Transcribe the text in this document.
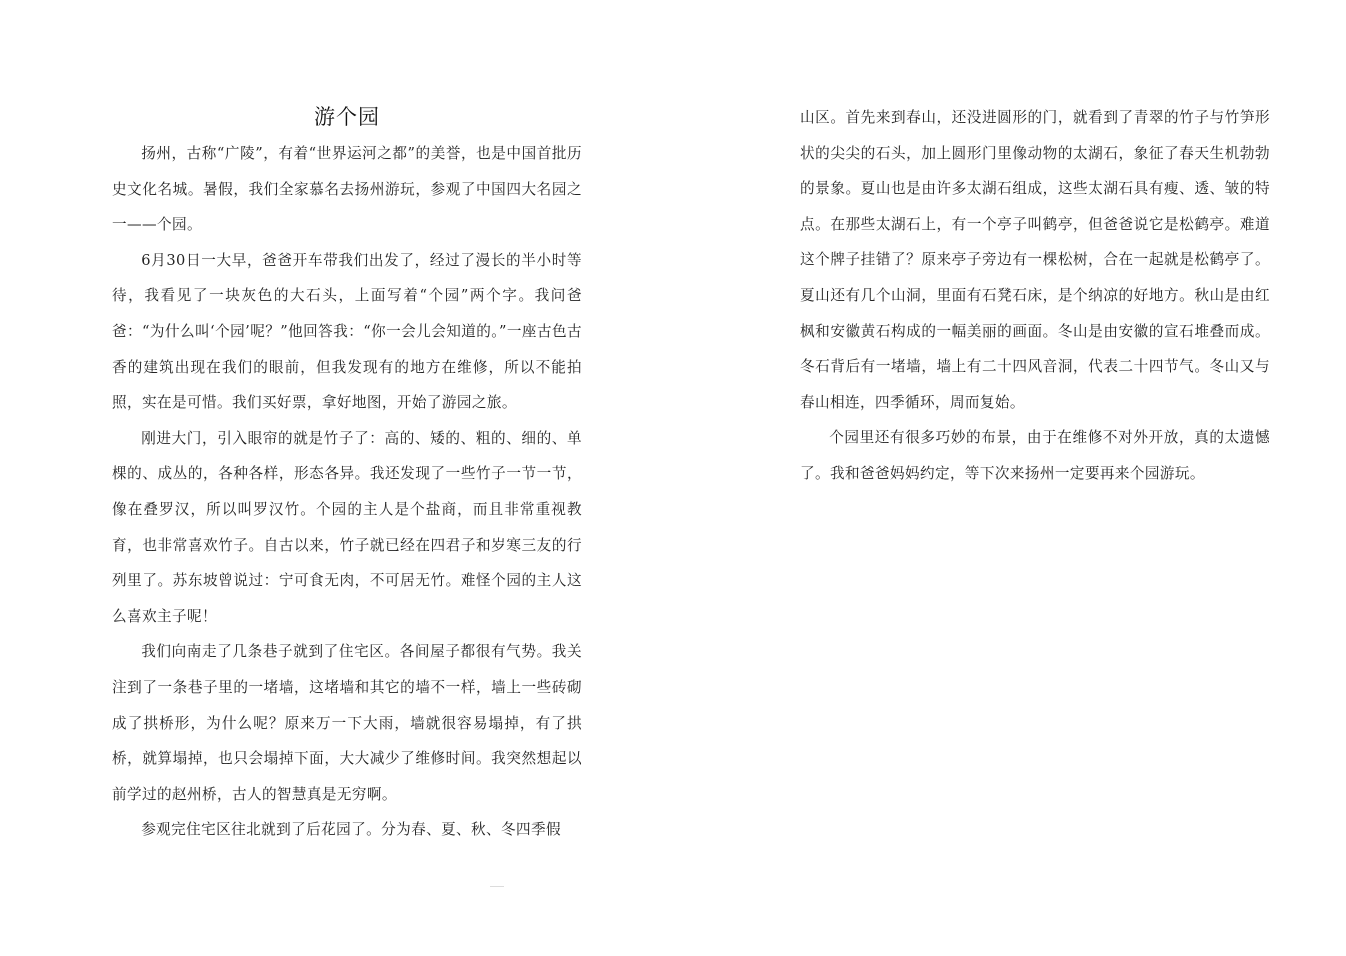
游个园

扬州，古称“广陵”，有着“世界运河之都”的美誉，也是中国首批历史文化名城。暑假，我们全家慕名去扬州游玩，参观了中国四大名园之一——个园。

6月30日一大早，爸爸开车带我们出发了，经过了漫长的半小时等待，我看见了一块灰色的大石头，上面写着“个园”两个字。我问爸爸：“为什么叫‘个园’呢？”他回答我：“你一会儿会知道的。”一座古色古香的建筑出现在我们的眼前，但我发现有的地方在维修，所以不能拍照，实在是可惜。我们买好票，拿好地图，开始了游园之旅。

刚进大门，引入眼帘的就是竹子了：高的、矮的、粗的、细的、单棵的、成丛的，各种各样，形态各异。我还发现了一些竹子一节一节，像在叠罗汉，所以叫罗汉竹。个园的主人是个盐商，而且非常重视教育，也非常喜欢竹子。自古以来，竹子就已经在四君子和岁寒三友的行列里了。苏东坡曾说过：宁可食无肉，不可居无竹。难怪个园的主人这么喜欢主子呢！

我们向南走了几条巷子就到了住宅区。各间屋子都很有气势。我关注到了一条巷子里的一堵墙，这堵墙和其它的墙不一样，墙上一些砖砌成了拱桥形，为什么呢？原来万一下大雨，墙就很容易塌掉，有了拱桥，就算塌掉，也只会塌掉下面，大大减少了维修时间。我突然想起以前学过的赵州桥，古人的智慧真是无穷啊。

参观完住宅区往北就到了后花园了。分为春、夏、秋、冬四季假

山区。首先来到春山，还没进圆形的门，就看到了青翠的竹子与竹笋形状的尖尖的石头，加上圆形门里像动物的太湖石，象征了春天生机勃勃的景象。夏山也是由许多太湖石组成，这些太湖石具有瘦、透、皱的特点。在那些太湖石上，有一个亭子叫鹤亭，但爸爸说它是松鹤亭。难道这个牌子挂错了？原来亭子旁边有一棵松树，合在一起就是松鹤亭了。夏山还有几个山洞，里面有石凳石床，是个纳凉的好地方。秋山是由红枫和安徽黄石构成的一幅美丽的画面。冬山是由安徽的宣石堆叠而成。冬石背后有一堵墙，墙上有二十四风音洞，代表二十四节气。冬山又与春山相连，四季循环，周而复始。

个园里还有很多巧妙的布景，由于在维修不对外开放，真的太遗憾了。我和爸爸妈妈约定，等下次来扬州一定要再来个园游玩。
